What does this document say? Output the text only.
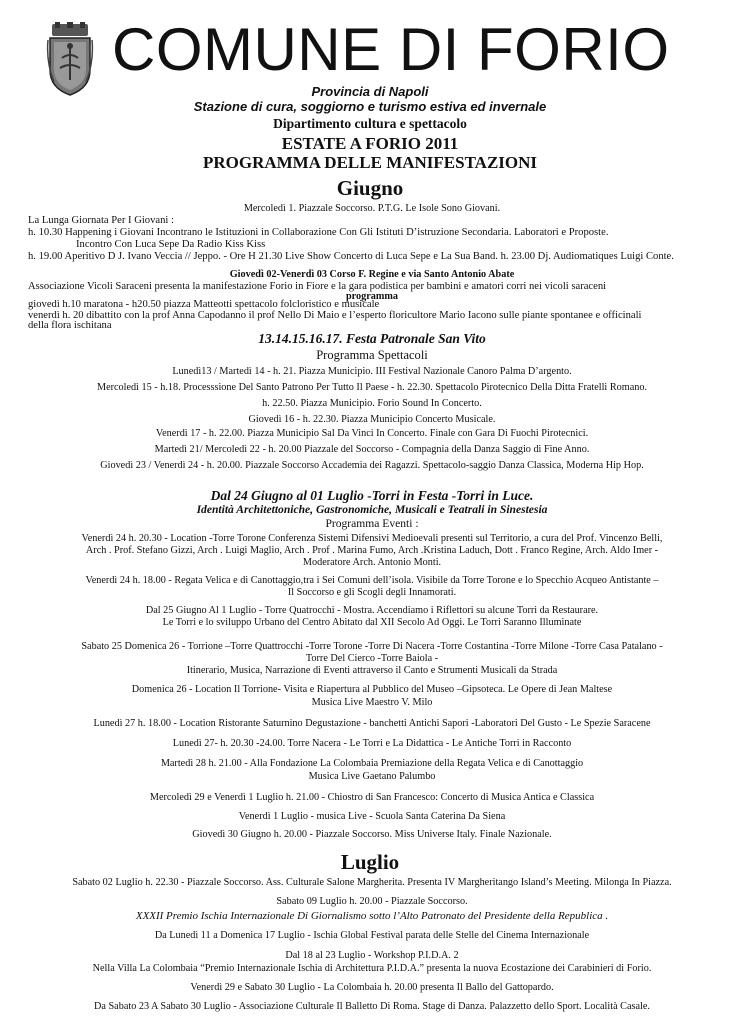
COMUNE DI FORIO
Provincia di Napoli
Stazione di cura, soggiorno e turismo estiva ed invernale
Dipartimento cultura e spettacolo
ESTATE A FORIO 2011
PROGRAMMA DELLE MANIFESTAZIONI
Giugno
Mercoledì 1. Piazzale Soccorso. P.T.G. Le Isole Sono Giovani.
La Lunga Giornata Per I Giovani :
h. 10.30 Happening i Giovani Incontrano le Istituzioni in Collaborazione Con Gli Istituti D’istruzione Secondaria. Laboratori e Proposte.
Incontro Con Luca Sepe Da Radio Kiss Kiss
h. 19.00 Aperitivo D J. Ivano Veccia // Jeppo. - Ore H 21.30 Live Show Concerto di Luca Sepe e La Sua Band. h. 23.00 Dj. Audiomatiques Luigi Conte.
Giovedì 02-Venerdì 03 Corso F. Regine e via Santo Antonio Abate
Associazione Vicoli Saraceni presenta la manifestazione Forio in Fiore e la gara podistica per bambini e amatori corri nei vicoli saraceni
programma
giovedì h.10 maratona - h20.50 piazza Matteotti spettacolo folcloristico e musicale
venerdì h. 20 dibattito con la prof Anna Capodanno il prof Nello Di Maio e l’esperto floricultore Mario Iacono sulle piante spontanee e officinali
della flora ischitana
13.14.15.16.17. Festa Patronale San Vito
Programma Spettacoli
Lunedì13 / Martedì 14 - h. 21. Piazza Municipio. III Festival Nazionale Canoro Palma D’argento.
Mercoledì 15 - h.18. Processsione Del Santo Patrono Per Tutto Il Paese - h. 22.30. Spettacolo Pirotecnico Della Ditta Fratelli Romano.
h. 22.50. Piazza Municipio. Forio Sound In Concerto.
Giovedì 16 - h. 22.30. Piazza Municipio Concerto Musicale.
Venerdì 17 - h. 22.00. Piazza Municipio Sal Da Vinci In Concerto. Finale con Gara Di Fuochi Pirotecnici.
Martedì 21/ Mercoledì 22 - h. 20.00 Piazzale del Soccorso - Compagnia della Danza Saggio di Fine Anno.
Giovedì 23 / Venerdì 24 - h. 20.00. Piazzale Soccorso Accademia dei Ragazzi. Spettacolo-saggio Danza Classica, Moderna Hip Hop.
Dal 24 Giugno al 01 Luglio -Torri in Festa -Torri in Luce.
Identità Architettoniche, Gastronomiche, Musicali e Teatrali in Sinestesia
Programma Eventi :
Venerdì 24 h. 20.30 - Location -Torre Torone Conferenza Sistemi Difensivi Medioevali presenti sul Territorio, a cura del Prof. Vincenzo Belli,
Arch . Prof. Stefano Gizzi, Arch . Luigi Maglio, Arch . Prof . Marina Fumo, Arch .Kristina Laduch, Dott . Franco Regine, Arch. Aldo Imer -
Moderatore Arch. Antonio Monti.
Venerdì 24 h. 18.00 - Regata Velica e di Canottaggio,tra i Sei Comuni dell’isola. Visibile da Torre Torone e lo Specchio Acqueo Antistante –
Il Soccorso e gli Scogli degli Innamorati.
Dal 25 Giugno Al 1 Luglio - Torre Quatrocchi - Mostra. Accendiamo i Riflettori su alcune Torri da Restaurare.
Le Torri e lo sviluppo Urbano del Centro Abitato dal XII Secolo Ad Oggi. Le Torri Saranno Illuminate
Sabato 25 Domenica 26 - Torrione –Torre Quattrocchi -Torre Torone -Torre Di Nacera -Torre Costantina -Torre Milone -Torre Casa Patalano -
Torre Del Cierco -Torre Baiola -
Itinerario, Musica, Narrazione di Eventi attraverso il Canto e Strumenti Musicali da Strada
Domenica 26 - Location Il Torrione- Visita e Riapertura al Pubblico del Museo –Gipsoteca. Le Opere di Jean Maltese
Musica Live Maestro V. Milo
Lunedì 27 h. 18.00 - Location Ristorante Saturnino Degustazione - banchetti Antichi Sapori -Laboratori Del Gusto - Le Spezie Saracene
Lunedì 27- h. 20.30 -24.00. Torre Nacera - Le Torri e La Didattica - Le Antiche Torri in Racconto
Martedì 28 h. 21.00 - Alla Fondazione La Colombaia Premiazione della Regata Velica e di Canottaggio
Musica Live Gaetano Palumbo
Mercoledì 29 e Venerdì 1 Luglio h. 21.00 - Chiostro di San Francesco: Concerto di Musica Antica e Classica
Venerdì 1 Luglio - musica Live - Scuola Santa Caterina Da Siena
Giovedì 30 Giugno h. 20.00 - Piazzale Soccorso. Miss Universe Italy. Finale Nazionale.
Luglio
Sabato 02 Luglio h. 22.30 - Piazzale Soccorso. Ass. Culturale Salone Margherita. Presenta IV Margheritango Island’s Meeting. Milonga In Piazza.
Sabato 09 Luglio h. 20.00 - Piazzale Soccorso.
XXXII Premio Ischia Internazionale Di Giornalismo sotto l’Alto Patronato del Presidente della Republica .
Da Lunedì 11 a Domenica 17 Luglio - Ischia Global Festival parata delle Stelle del Cinema Internazionale
Dal 18 al 23 Luglio - Workshop P.I.D.A. 2
Nella Villa La Colombaia “Premio Internazionale Ischia di Architettura P.I.D.A.” presenta la nuova Ecostazione dei Carabinieri di Forio.
Venerdì 29 e Sabato 30 Luglio - La Colombaia h. 20.00 presenta Il Ballo del Gattopardo.
Da Sabato 23 A Sabato 30 Luglio - Associazione Culturale Il Balletto Di Roma. Stage di Danza. Palazzetto dello Sport. Località Casale.
